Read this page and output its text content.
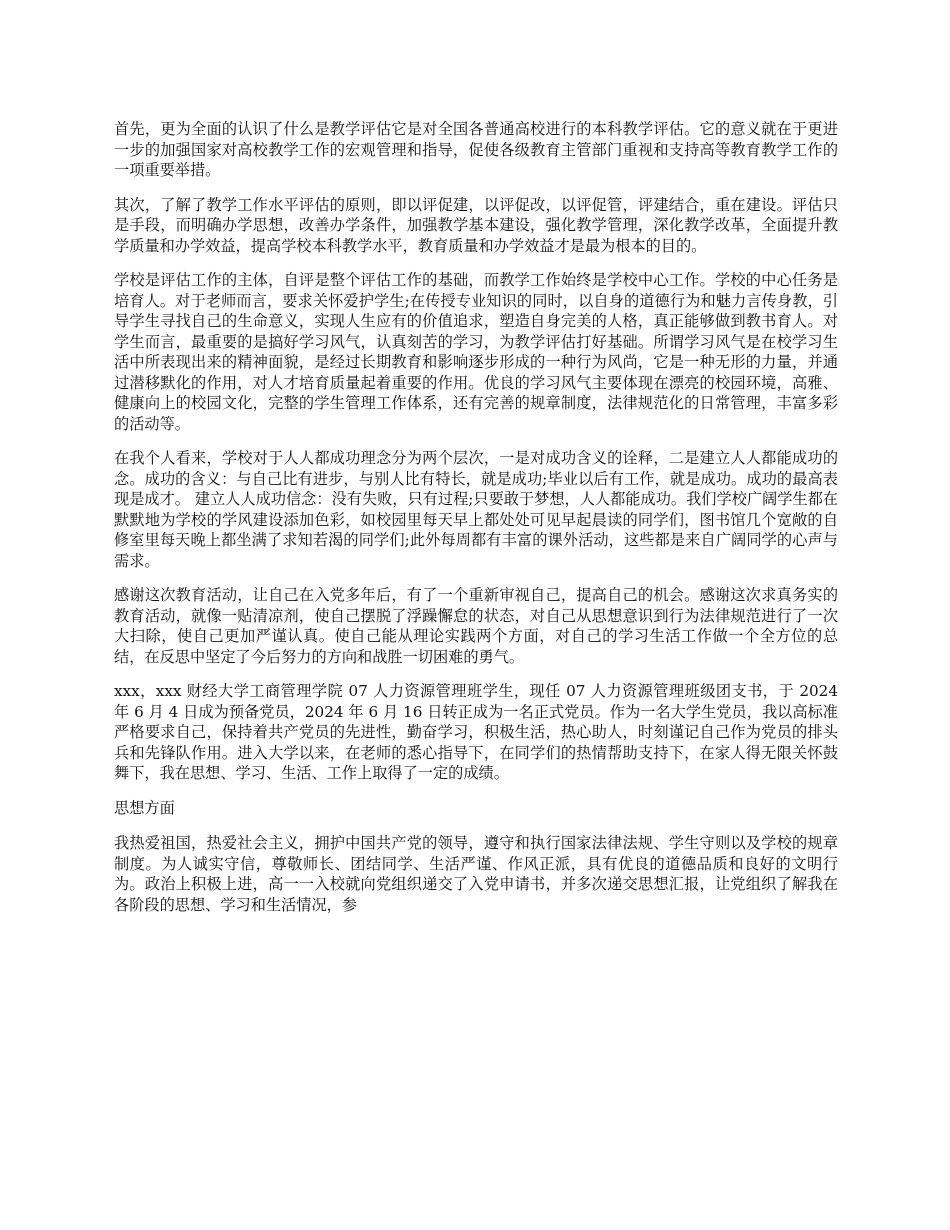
首先，更为全面的认识了什么是教学评估它是对全国各普通高校进行的本科教学评估。它的意义就在于更进一步的加强国家对高校教学工作的宏观管理和指导，促使各级教育主管部门重视和支持高等教育教学工作的一项重要举措。

其次，了解了教学工作水平评估的原则，即以评促建，以评促改，以评促管，评建结合，重在建设。评估只是手段，而明确办学思想，改善办学条件，加强教学基本建设，强化教学管理，深化教学改革，全面提升教学质量和办学效益，提高学校本科教学水平，教育质量和办学效益才是最为根本的目的。

学校是评估工作的主体，自评是整个评估工作的基础，而教学工作始终是学校中心工作。学校的中心任务是培育人。对于老师而言，要求关怀爱护学生;在传授专业知识的同时，以自身的道德行为和魅力言传身教，引导学生寻找自己的生命意义，实现人生应有的价值追求，塑造自身完美的人格，真正能够做到教书育人。对学生而言，最重要的是搞好学习风气，认真刻苦的学习，为教学评估打好基础。所谓学习风气是在校学习生活中所表现出来的精神面貌，是经过长期教育和影响逐步形成的一种行为风尚，它是一种无形的力量，并通过潜移默化的作用，对人才培育质量起着重要的作用。优良的学习风气主要体现在漂亮的校园环境，高雅、健康向上的校园文化，完整的学生管理工作体系，还有完善的规章制度，法律规范化的日常管理，丰富多彩的活动等。

在我个人看来，学校对于人人都成功理念分为两个层次，一是对成功含义的诠释，二是建立人人都能成功的念。成功的含义：与自己比有进步，与别人比有特长，就是成功;毕业以后有工作，就是成功。成功的最高表现是成才。 建立人人成功信念：没有失败，只有过程;只要敢于梦想，人人都能成功。我们学校广阔学生都在默默地为学校的学风建设添加色彩，如校园里每天早上都处处可见早起晨读的同学们，图书馆几个宽敞的自修室里每天晚上都坐满了求知若渴的同学们;此外每周都有丰富的课外活动，这些都是来自广阔同学的心声与需求。

感谢这次教育活动，让自己在入党多年后，有了一个重新审视自己，提高自己的机会。感谢这次求真务实的教育活动，就像一贴清凉剂，使自己摆脱了浮躁懈怠的状态，对自己从思想意识到行为法律规范进行了一次大扫除，使自己更加严谨认真。使自己能从理论实践两个方面，对自己的学习生活工作做一个全方位的总结，在反思中坚定了今后努力的方向和战胜一切困难的勇气。

xxx，xxx 财经大学工商管理学院 07 人力资源管理班学生，现任 07 人力资源管理班级团支书，于 2024 年 6 月 4 日成为预备党员，2024 年 6 月 16 日转正成为一名正式党员。作为一名大学生党员，我以高标准严格要求自己，保持着共产党员的先进性，勤奋学习，积极生活，热心助人，时刻谨记自己作为党员的排头兵和先锋队作用。进入大学以来，在老师的悉心指导下，在同学们的热情帮助支持下，在家人得无限关怀鼓舞下，我在思想、学习、生活、工作上取得了一定的成绩。

思想方面

我热爱祖国，热爱社会主义，拥护中国共产党的领导，遵守和执行国家法律法规、学生守则以及学校的规章制度。为人诚实守信，尊敬师长、团结同学、生活严谨、作风正派，具有优良的道德品质和良好的文明行为。政治上积极上进，高一一入校就向党组织递交了入党申请书，并多次递交思想汇报，让党组织了解我在各阶段的思想、学习和生活情况，参
